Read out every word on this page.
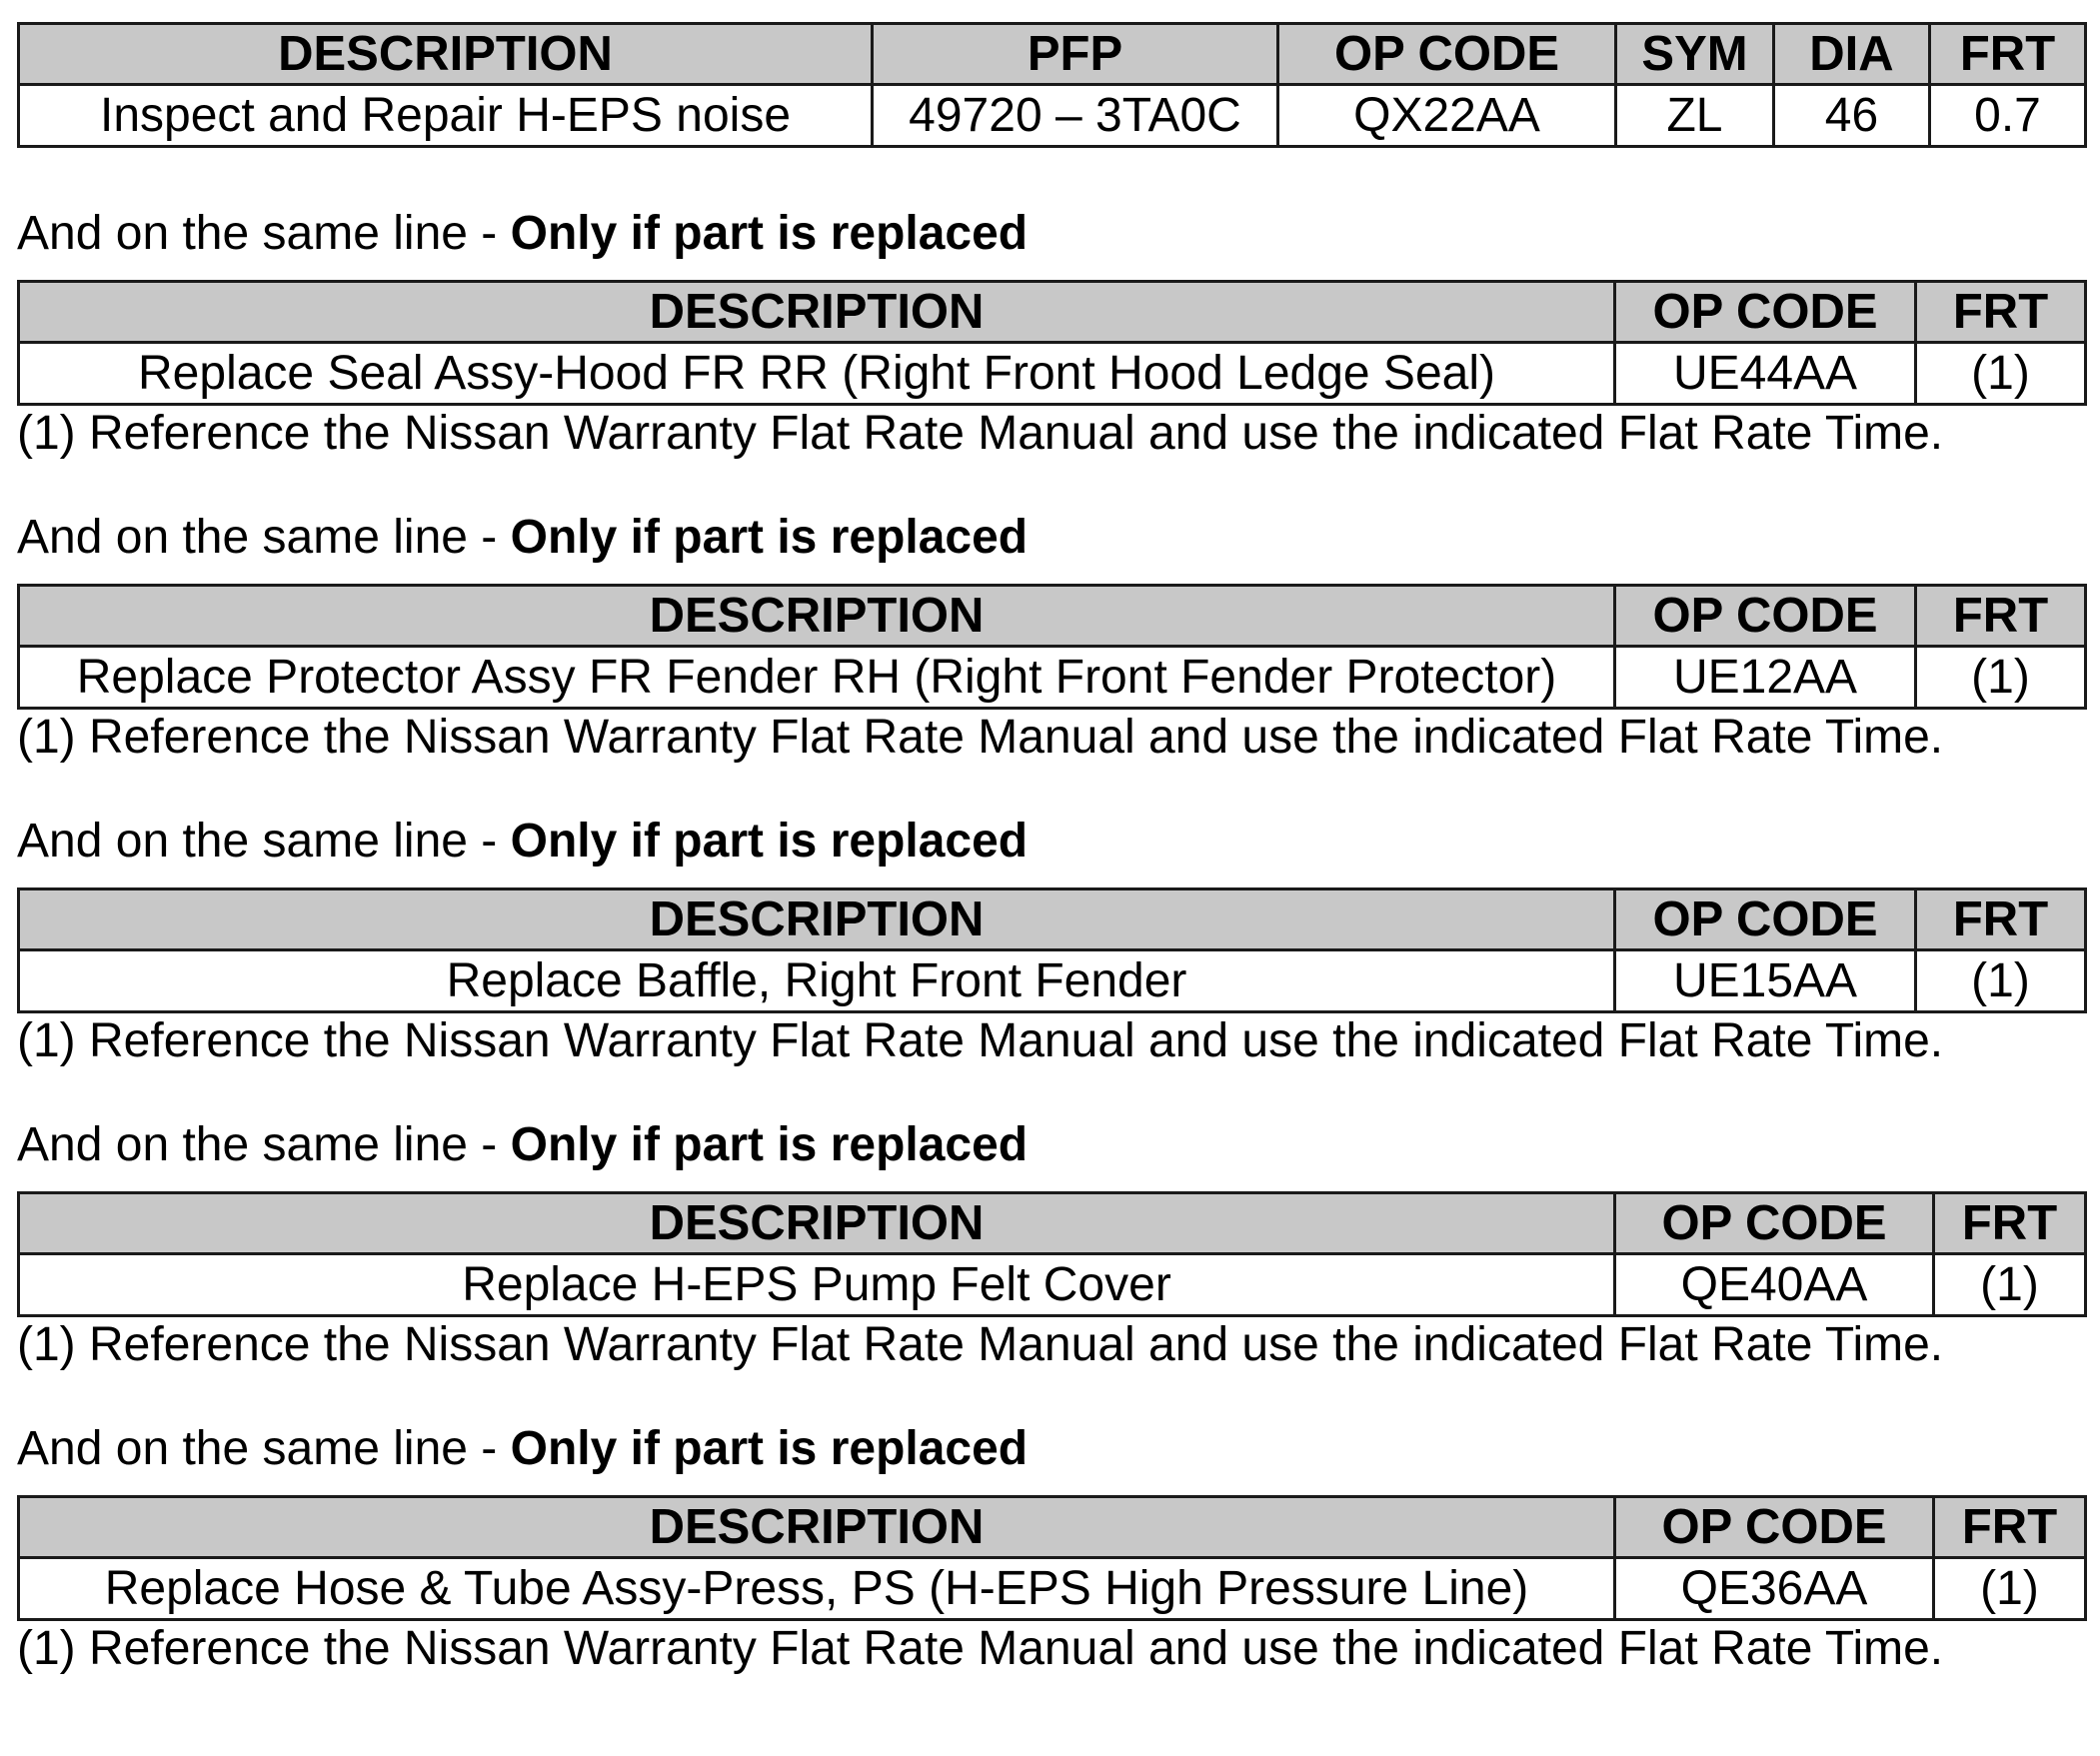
DESCRIPTION	PFP	OP CODE	SYM	DIA	FRT
Inspect and Repair H-EPS noise	49720 – 3TA0C	QX22AA	ZL	46	0.7
And on the same line - Only if part is replaced
DESCRIPTION	OP CODE	FRT
Replace Seal Assy-Hood FR RR (Right Front Hood Ledge Seal)	UE44AA	(1)
(1) Reference the Nissan Warranty Flat Rate Manual and use the indicated Flat Rate Time.
And on the same line - Only if part is replaced
DESCRIPTION	OP CODE	FRT
Replace Protector Assy FR Fender RH (Right Front Fender Protector)	UE12AA	(1)
(1) Reference the Nissan Warranty Flat Rate Manual and use the indicated Flat Rate Time.
And on the same line - Only if part is replaced
DESCRIPTION	OP CODE	FRT
Replace Baffle, Right Front Fender	UE15AA	(1)
(1) Reference the Nissan Warranty Flat Rate Manual and use the indicated Flat Rate Time.
And on the same line - Only if part is replaced
DESCRIPTION	OP CODE	FRT
Replace H-EPS Pump Felt Cover	QE40AA	(1)
(1) Reference the Nissan Warranty Flat Rate Manual and use the indicated Flat Rate Time.
And on the same line - Only if part is replaced
DESCRIPTION	OP CODE	FRT
Replace Hose & Tube Assy-Press, PS (H-EPS High Pressure Line)	QE36AA	(1)
(1) Reference the Nissan Warranty Flat Rate Manual and use the indicated Flat Rate Time.
